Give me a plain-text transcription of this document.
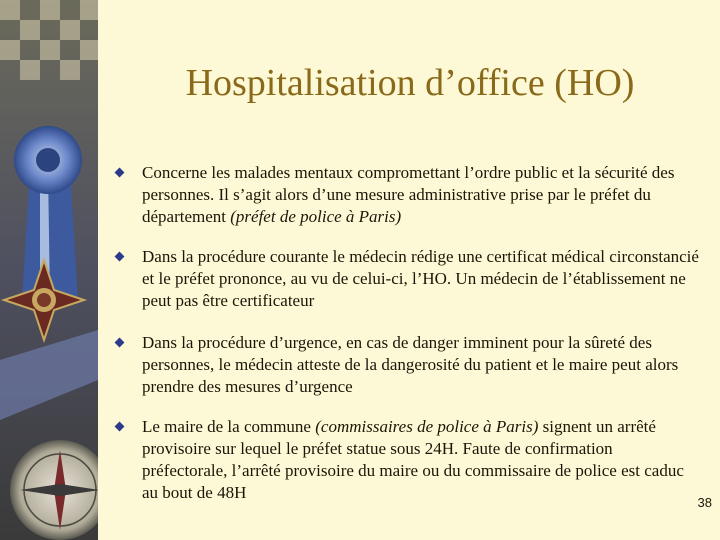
Hospitalisation d’office (HO)
Concerne les malades mentaux compromettant l’ordre public et la sécurité des personnes. Il s’agit alors d’une mesure administrative prise par le préfet du département (préfet de police à Paris)
Dans la procédure courante le médecin rédige une certificat médical circonstancié et le préfet prononce, au vu de celui-ci, l’HO. Un médecin de l’établissement ne peut pas être certificateur
Dans la procédure d’urgence, en cas de danger imminent pour la sûreté des personnes, le médecin atteste de la dangerosité du patient et le maire peut alors prendre des mesures d’urgence
Le maire de la commune (commissaires de police à Paris) signent un arrêté provisoire sur lequel le préfet statue sous 24H. Faute de confirmation préfectorale, l’arrêté provisoire du maire ou du commissaire de police est caduc au bout de 48H
38
